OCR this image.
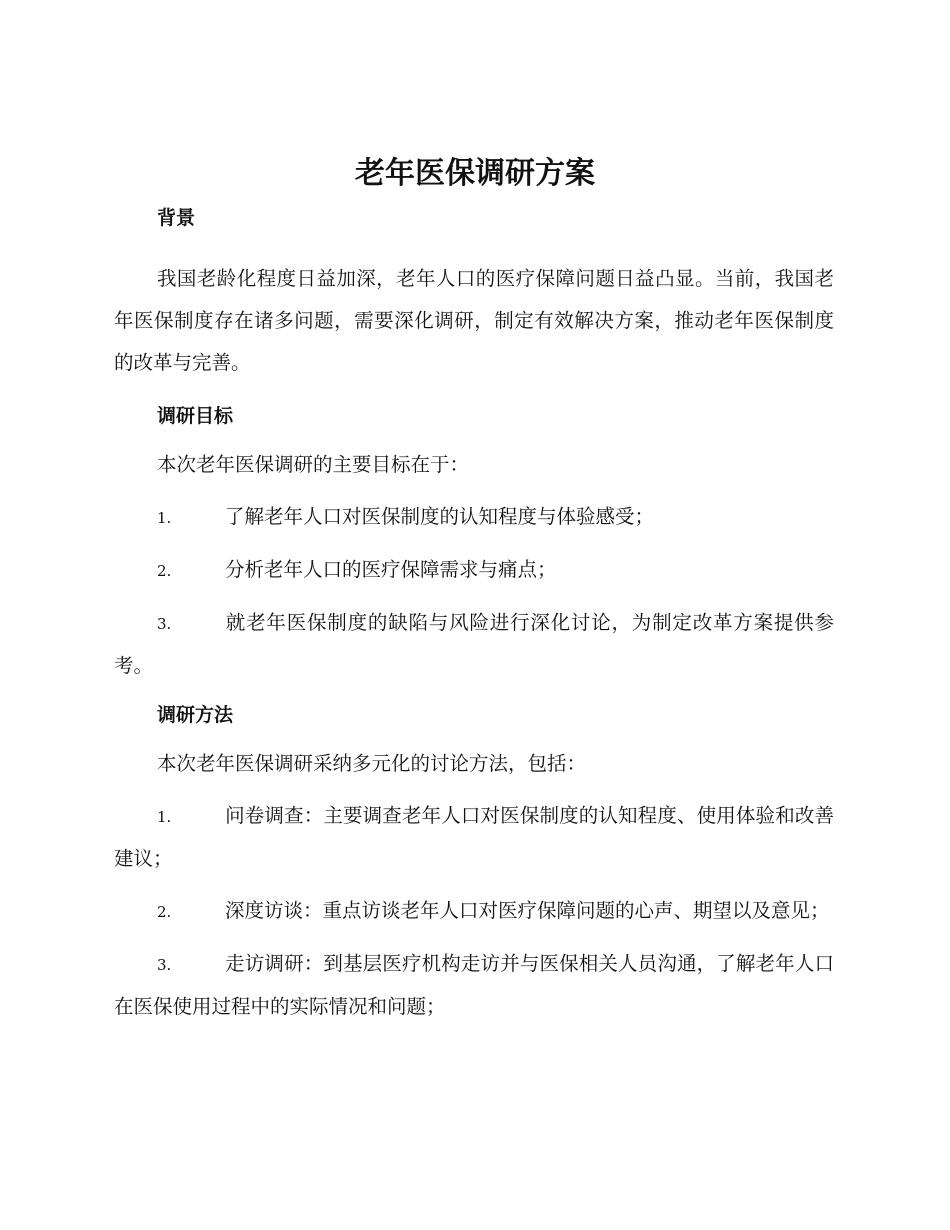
老年医保调研方案
背景

我国老龄化程度日益加深，老年人口的医疗保障问题日益凸显。当前，我国老年医保制度存在诸多问题，需要深化调研，制定有效解决方案，推动老年医保制度的改革与完善。

调研目标

本次老年医保调研的主要目标在于：

1.	了解老年人口对医保制度的认知程度与体验感受；

2.	分析老年人口的医疗保障需求与痛点；

3.	就老年医保制度的缺陷与风险进行深化讨论，为制定改革方案提供参考。

调研方法

本次老年医保调研采纳多元化的讨论方法，包括：

1.	问卷调查：主要调查老年人口对医保制度的认知程度、使用体验和改善建议；

2.	深度访谈：重点访谈老年人口对医疗保障问题的心声、期望以及意见；

3.	走访调研：到基层医疗机构走访并与医保相关人员沟通，了解老年人口在医保使用过程中的实际情况和问题；
